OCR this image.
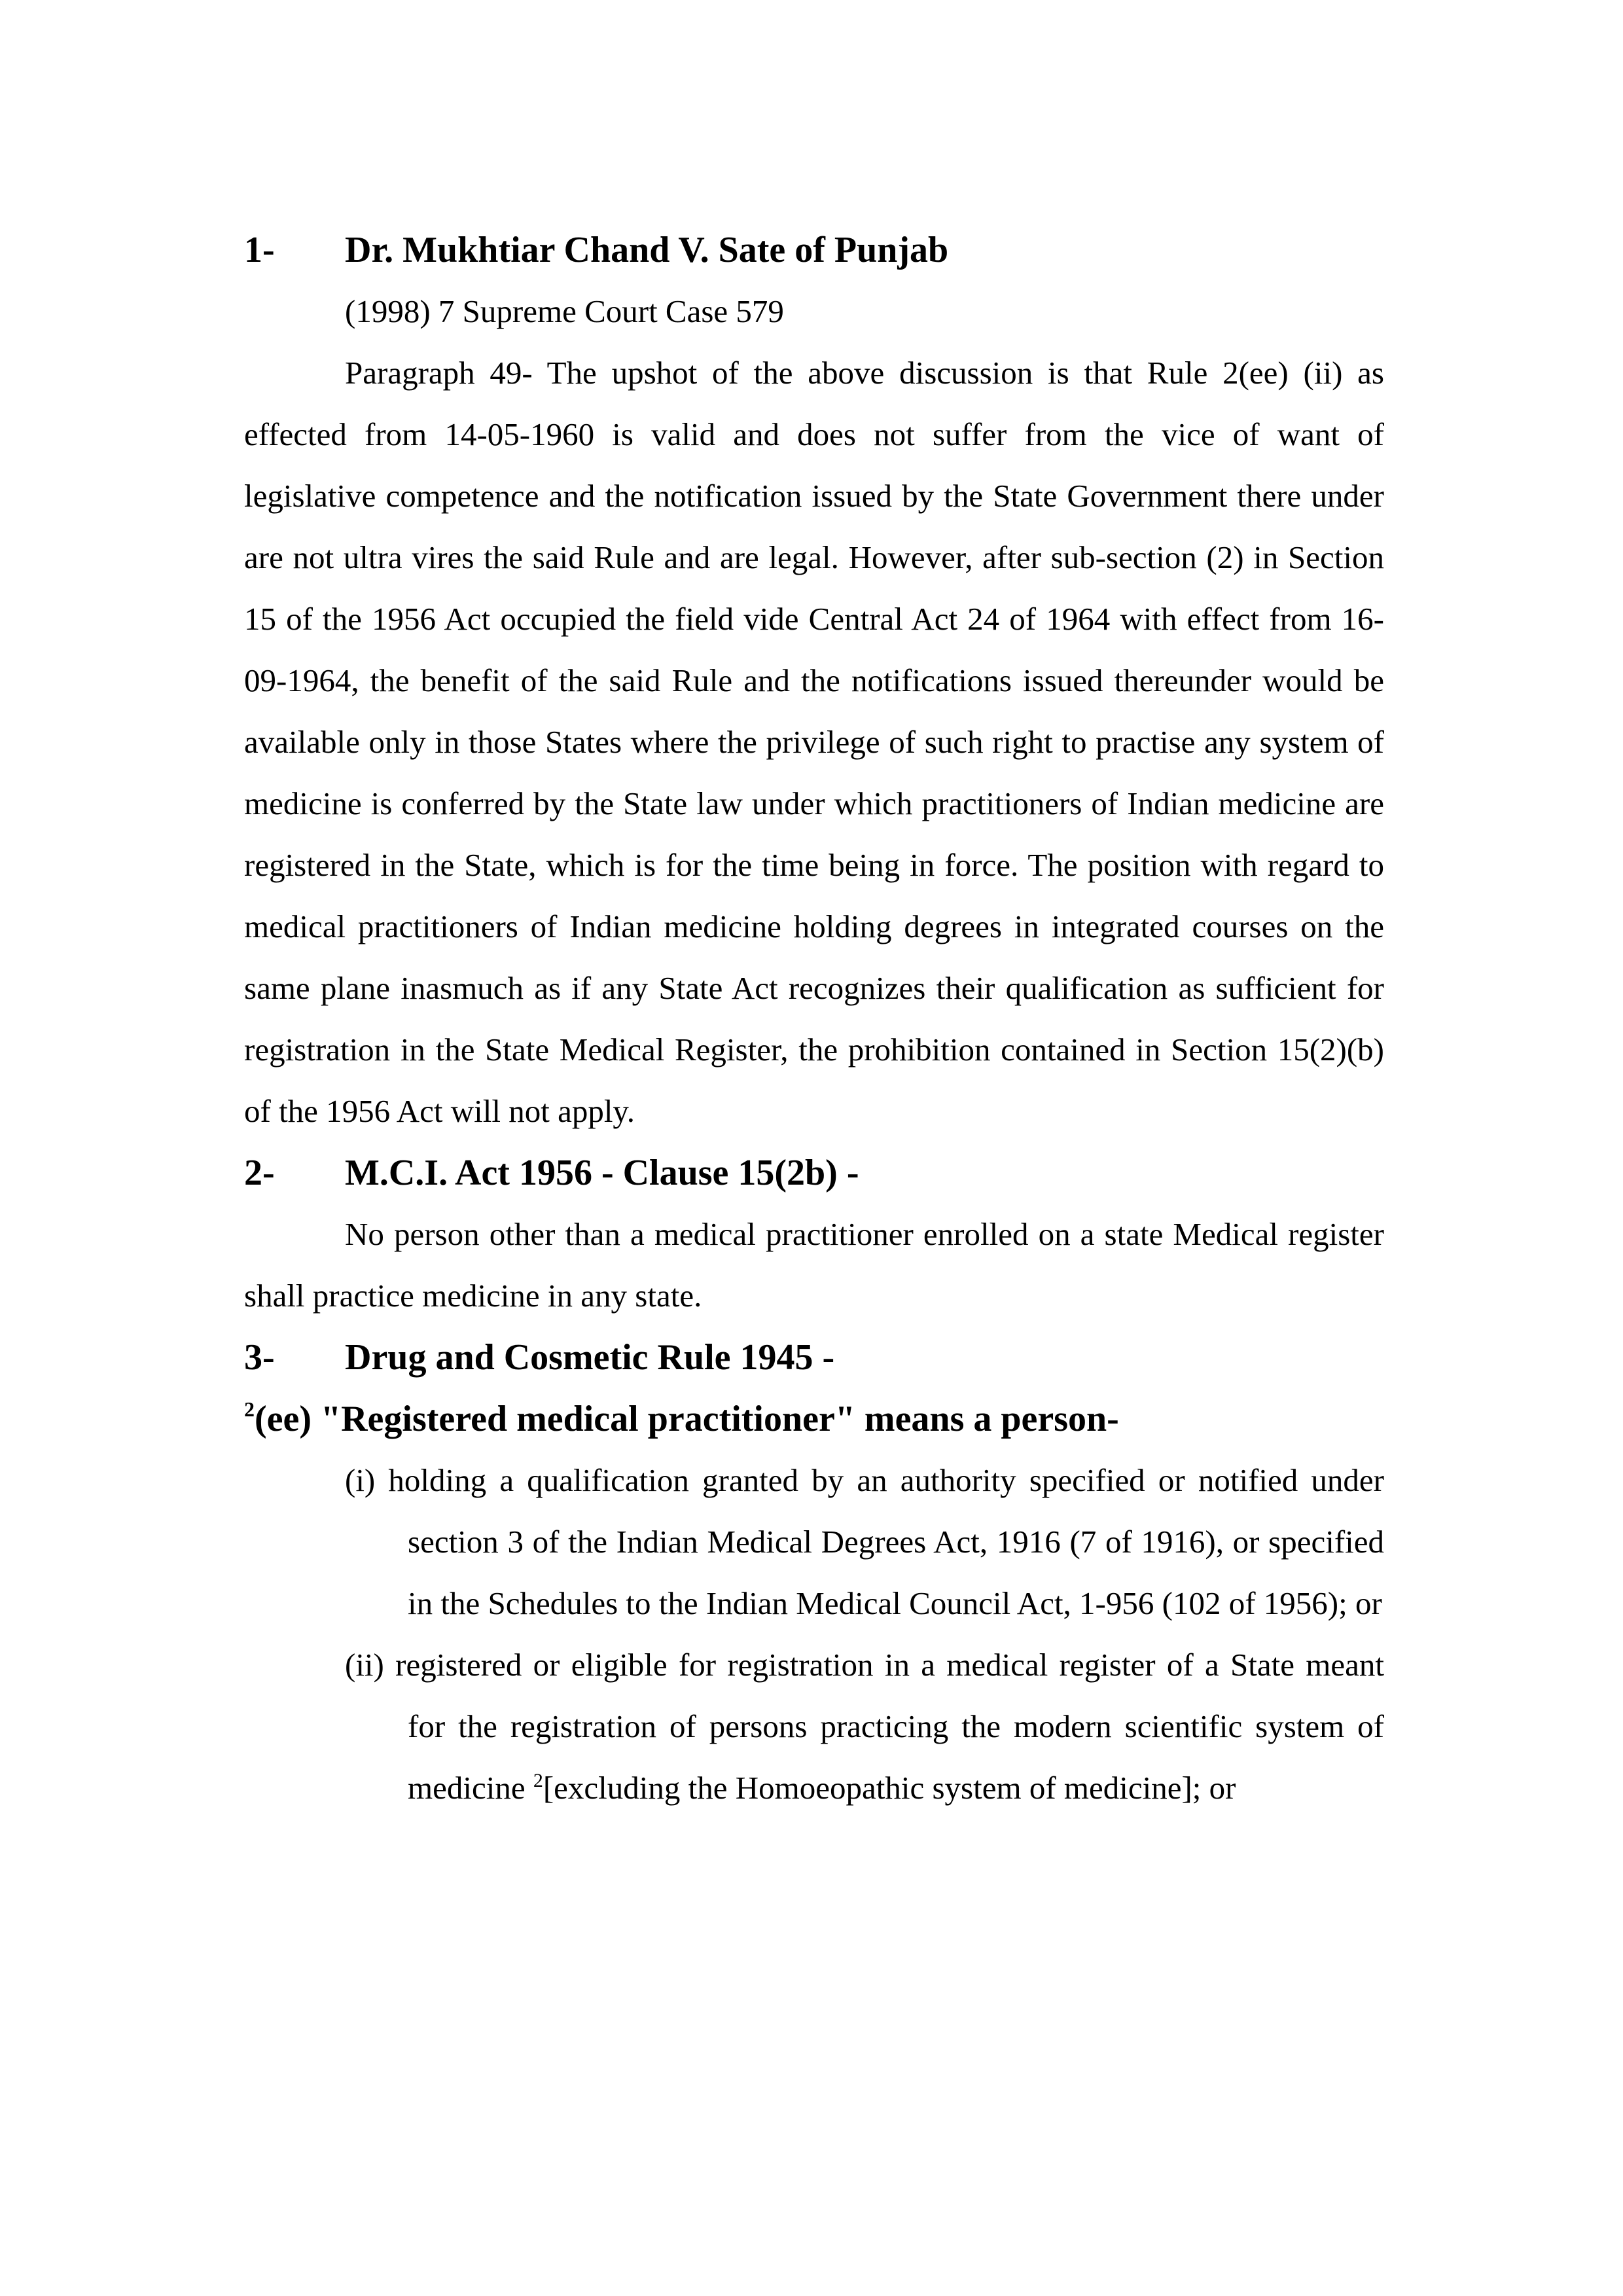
1- Dr. Mukhtiar Chand V. Sate of Punjab
(1998) 7 Supreme Court Case 579
Paragraph 49- The upshot of the above discussion is that Rule 2(ee) (ii) as effected from 14-05-1960 is valid and does not suffer from the vice of want of legislative competence and the notification issued by the State Government there under are not ultra vires the said Rule and are legal. However, after sub-section (2) in Section 15 of the 1956 Act occupied the field vide Central Act 24 of 1964 with effect from 16-09-1964, the benefit of the said Rule and the notifications issued thereunder would be available only in those States where the privilege of such right to practise any system of medicine is conferred by the State law under which practitioners of Indian medicine are registered in the State, which is for the time being in force. The position with regard to medical practitioners of Indian medicine holding degrees in integrated courses on the same plane inasmuch as if any State Act recognizes their qualification as sufficient for registration in the State Medical Register, the prohibition contained in Section 15(2)(b) of the 1956 Act will not apply.
2- M.C.I. Act 1956 - Clause 15(2b) -
No person other than a medical practitioner enrolled on a state Medical register shall practice medicine in any state.
3- Drug and Cosmetic Rule 1945 -
$^2$(ee) "Registered medical practitioner" means a person-
(i) holding a qualification granted by an authority specified or notified under section 3 of the Indian Medical Degrees Act, 1916 (7 of 1916), or specified in the Schedules to the Indian Medical Council Act, 1-956 (102 of 1956); or
(ii) registered or eligible for registration in a medical register of a State meant for the registration of persons practicing the modern scientific system of medicine $^2$[excluding the Homoeopathic system of medicine]; or
